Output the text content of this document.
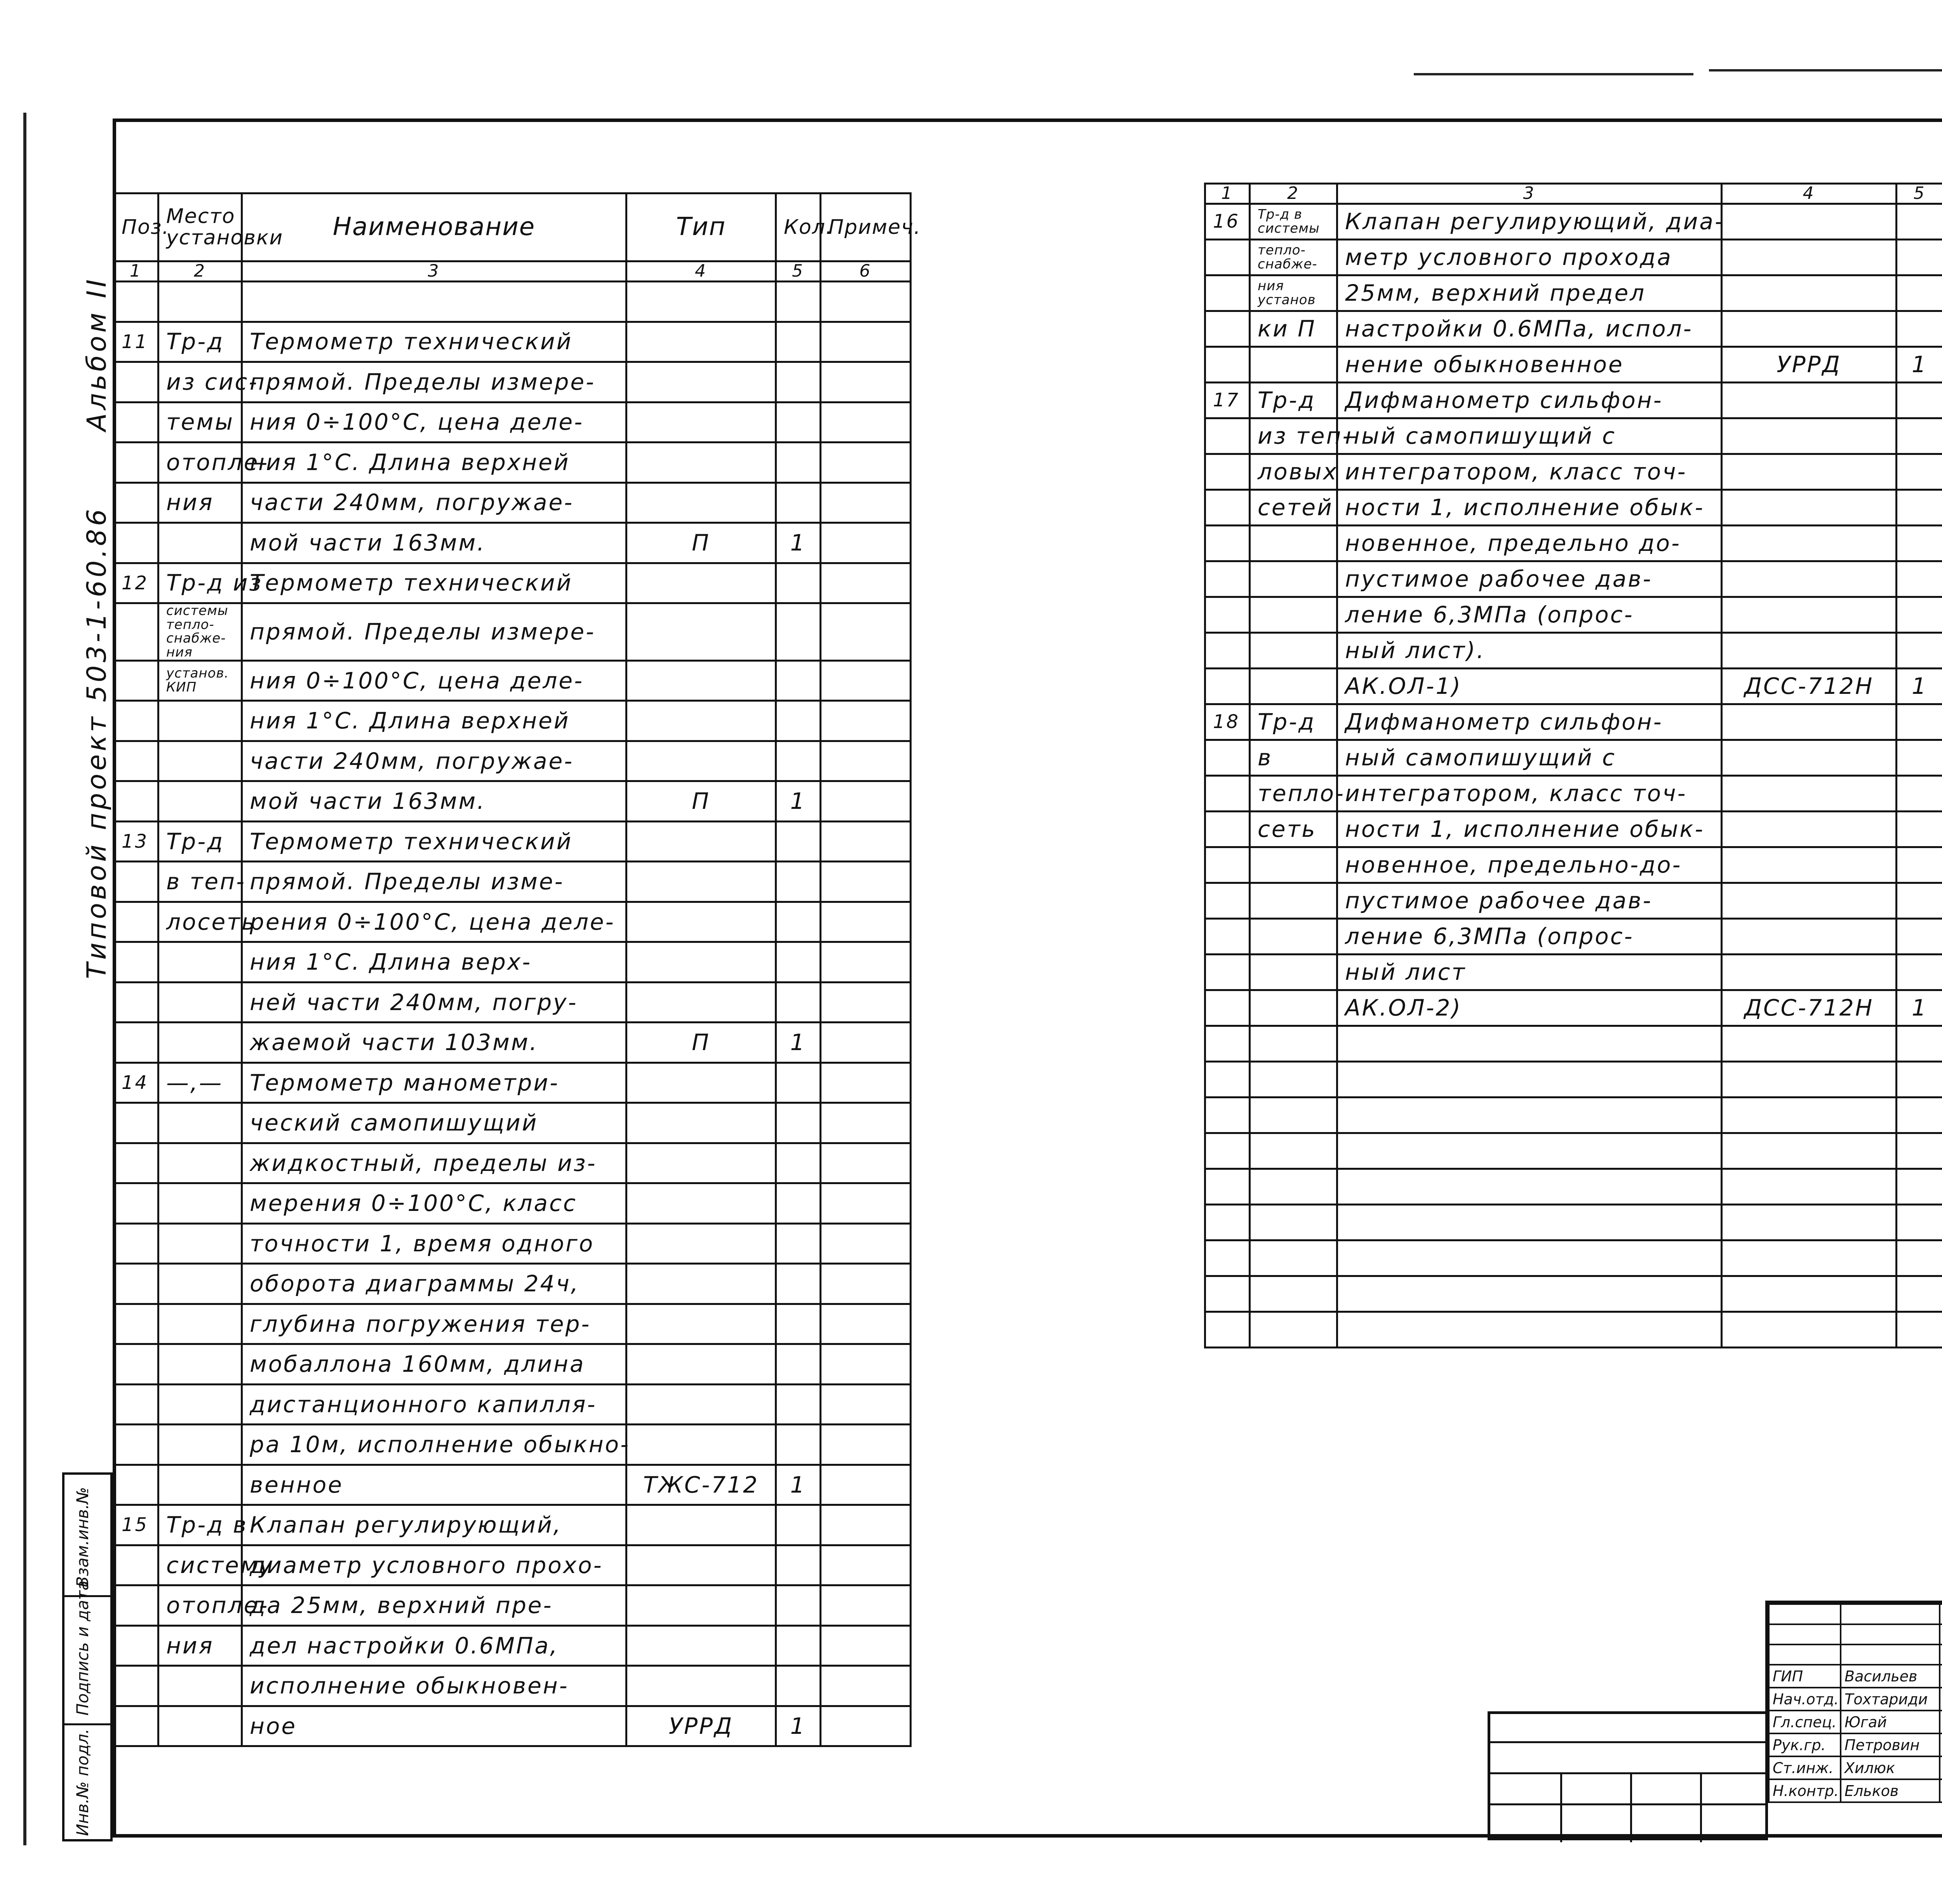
Альбом II
Типовой проект 503-1-60.86
Взам.инв.№
Подпись и дата
Инв.№ подл.
Поз.	Место установки	Наименование	Тип	Кол.	Примеч.
1	2	3	4	5	6

11	Тр-д	Термометр технический			
	из сис-	прямой. Пределы измере-			
	темы	ния 0÷100°С, цена деле-			
	отопле-	ния 1°С. Длина верхней			
	ния	части 240мм, погружае-			
		мой части 163мм.	П	1	
12	Тр-д из	Термометр технический			
	системы тепло-снабже-ния	прямой. Пределы измере-			
	установ. КИП	ния 0÷100°С, цена деле-			
		ния 1°С. Длина верхней			
		части 240мм, погружае-			
		мой части 163мм.	П	1	
13	Тр-д	Термометр технический			
	в теп-	прямой. Пределы изме-			
	лосеть	рения 0÷100°С, цена деле-			
		ния 1°С. Длина верх-			
		ней части 240мм, погру-			
		жаемой части 103мм.	П	1	
14	—,—	Термометр манометри-			
		ческий самопишущий			
		жидкостный, пределы из-			
		мерения 0÷100°С, класс			
		точности 1, время одного			
		оборота диаграммы 24ч,			
		глубина погружения тер-			
		мобаллона 160мм, длина			
		дистанционного капилля-			
		ра 10м, исполнение обыкно-			
		венное	ТЖС-712	1	
15	Тр-д в	Клапан регулирующий,			
	систему	диаметр условного прохо-			
	отопле-	да 25мм, верхний пре-			
	ния	дел настройки 0.6МПа,			
		исполнение обыкновен-			
		ное	УРРД	1	
1	2	3	4	5	
16	Тр-д в системы	Клапан регулирующий, диа-			
	тепло-снабже-	метр условного прохода			
	ния установ	25мм, верхний предел			
	ки П	настройки 0.6МПа, испол-			
		нение обыкновенное	УРРД	1	
17	Тр-д	Дифманометр сильфон-			
	из теп-	ный самопишущий с			
	ловых	интегратором, класс точ-			
	сетей	ности 1, исполнение обык-			
		новенное, предельно до-			
		пустимое рабочее дав-			
		ление 6,3МПа (опрос-			
		ный лист).			
		АК.ОЛ-1)	ДСС-712Н	1	
18	Тр-д	Дифманометр сильфон-			
	в	ный самопишущий с			
	тепло-	интегратором, класс точ-			
	сеть	ности 1, исполнение обык-			
		новенное, предельно-до-			
		пустимое рабочее дав-			
		ление 6,3МПа (опрос-			
		ный лист			
		АК.ОЛ-2)	ДСС-712Н	1	

ГИП	Васильев		
Нач.отд.	Тохтариди		
Гл.спец.	Югай		
Рук.гр.	Петровин		
Ст.инж.	Хилюк		
Н.контр.	Ельков		
